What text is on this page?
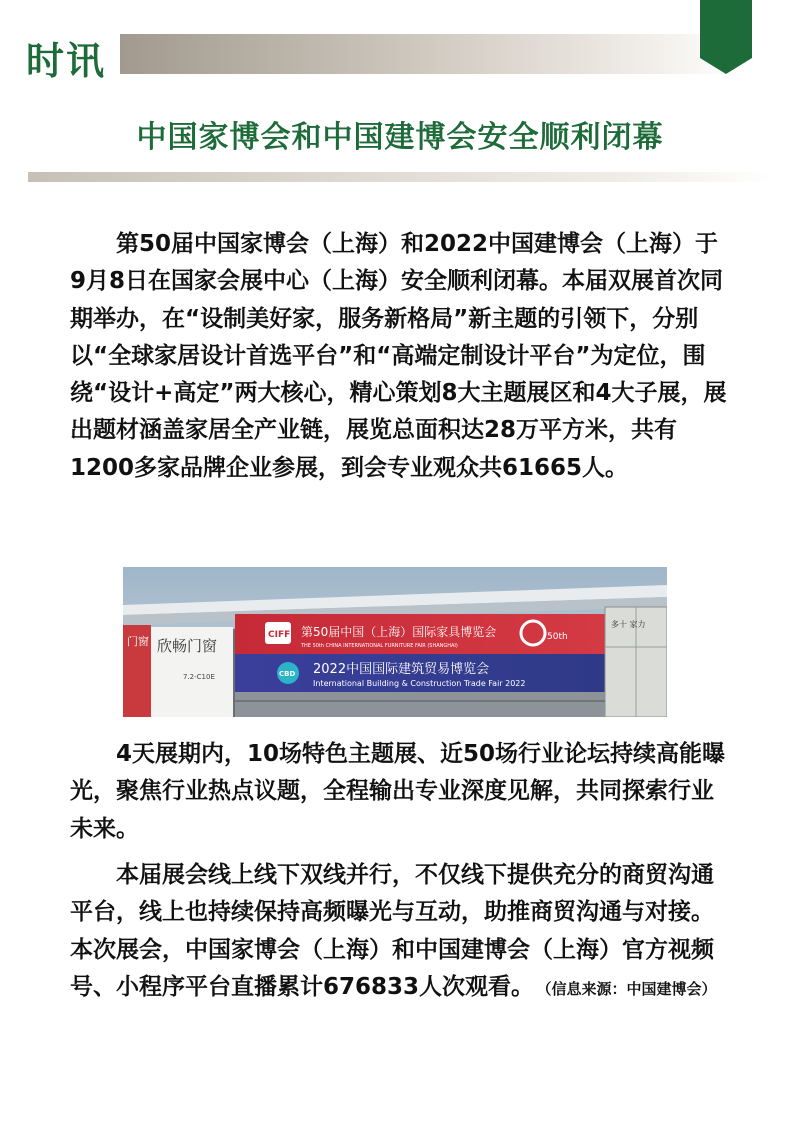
时讯
中国家博会和中国建博会安全顺利闭幕

第50届中国家博会（上海）和2022中国建博会（上海）于9月8日在国家会展中心（上海）安全顺利闭幕。本届双展首次同期举办，在“设制美好家，服务新格局”新主题的引领下，分别以“全球家居设计首选平台”和“高端定制设计平台”为定位，围绕“设计+高定”两大核心，精心策划8大主题展区和4大子展，展出题材涵盖家居全产业链，展览总面积达28万平方米，共有1200多家品牌企业参展，到会专业观众共61665人。

门窗 欣畅门窗
7.2-C10E
CIFF 第50届中国（上海）国际家具博览会
THE 50th CHINA INTERNATIONAL FURNITURE FAIR (SHANGHAI)
50th
CBD 2022中国国际建筑贸易博览会
International Building & Construction Trade Fair 2022
多十 家力

4天展期内，10场特色主题展、近50场行业论坛持续高能曝光，聚焦行业热点议题，全程输出专业深度见解，共同探索行业未来。

本届展会线上线下双线并行，不仅线下提供充分的商贸沟通平台，线上也持续保持高频曝光与互动，助推商贸沟通与对接。本次展会，中国家博会（上海）和中国建博会（上海）官方视频号、小程序平台直播累计676833人次观看。 （信息来源：中国建博会）
